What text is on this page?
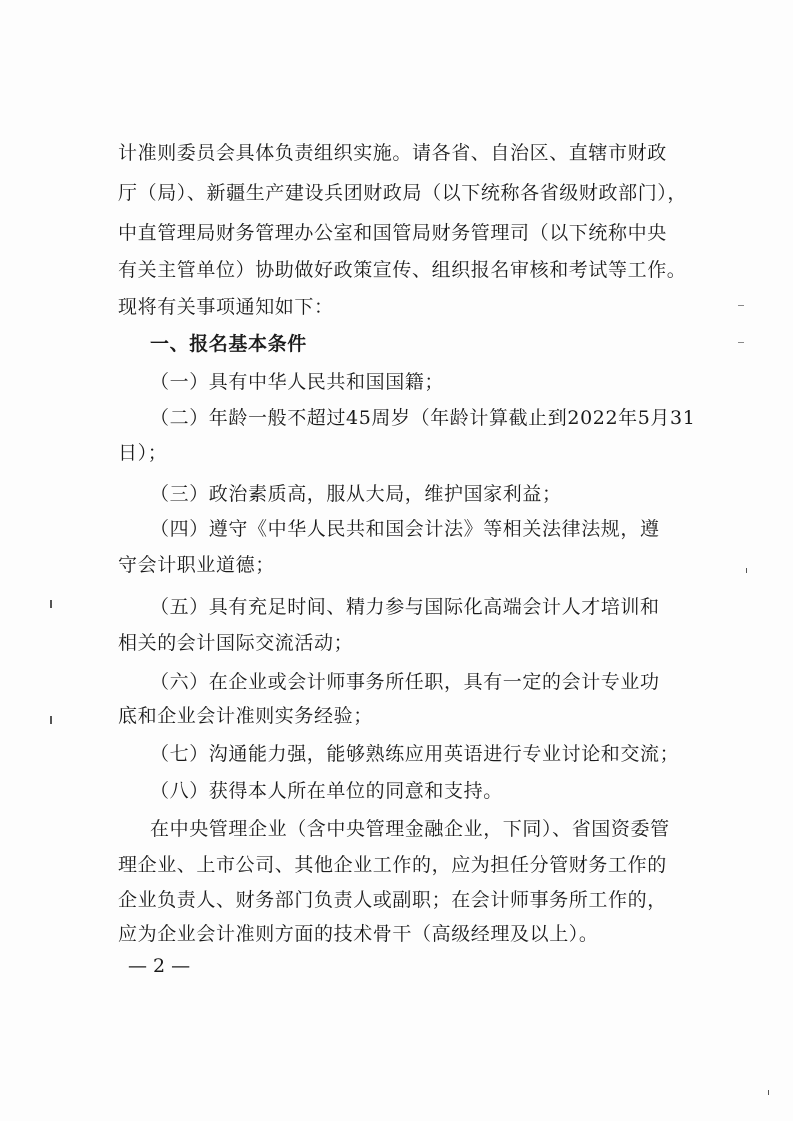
计准则委员会具体负责组织实施。请各省、自治区、直辖市财政
厅（局）、新疆生产建设兵团财政局（以下统称各省级财政部门），
中直管理局财务管理办公室和国管局财务管理司（以下统称中央
有关主管单位）协助做好政策宣传、组织报名审核和考试等工作。
现将有关事项通知如下：
一、报名基本条件
（一）具有中华人民共和国国籍；
（二）年龄一般不超过45周岁（年龄计算截止到2022年5月31
日）；
（三）政治素质高，服从大局，维护国家利益；
（四）遵守《中华人民共和国会计法》等相关法律法规，遵
守会计职业道德；
（五）具有充足时间、精力参与国际化高端会计人才培训和
相关的会计国际交流活动；
（六）在企业或会计师事务所任职，具有一定的会计专业功
底和企业会计准则实务经验；
（七）沟通能力强，能够熟练应用英语进行专业讨论和交流；
（八）获得本人所在单位的同意和支持。
在中央管理企业（含中央管理金融企业，下同）、省国资委管
理企业、上市公司、其他企业工作的，应为担任分管财务工作的
企业负责人、财务部门负责人或副职；在会计师事务所工作的，
应为企业会计准则方面的技术骨干（高级经理及以上）。
— 2 —
